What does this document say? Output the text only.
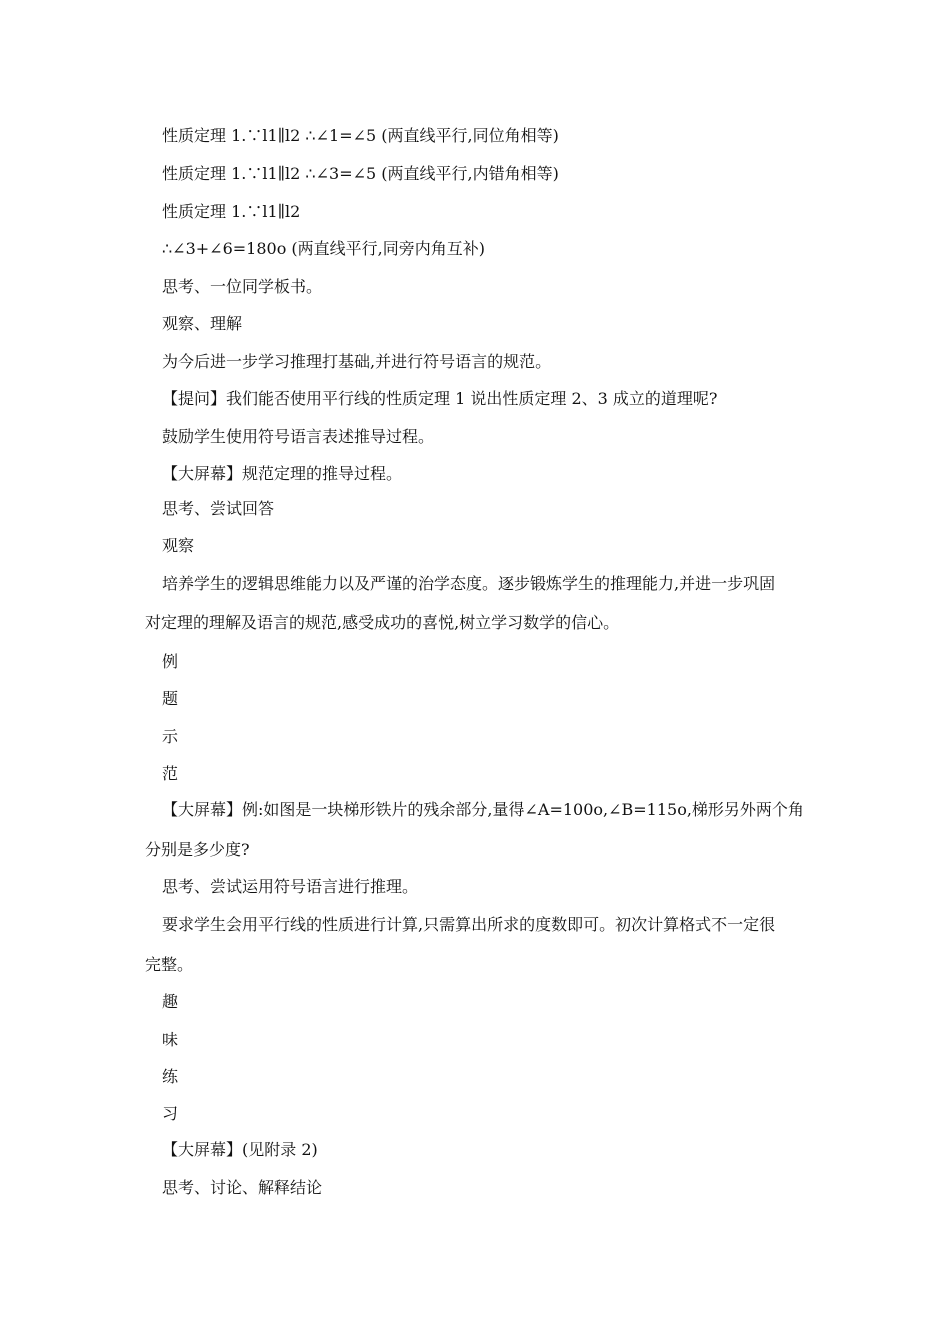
性质定理 1.∵l1∥l2 ∴∠1=∠5 (两直线平行,同位角相等)
性质定理 1.∵l1∥l2 ∴∠3=∠5 (两直线平行,内错角相等)
性质定理 1.∵l1∥l2
∴∠3+∠6=180o (两直线平行,同旁内角互补)
思考、一位同学板书。
观察、理解
为今后进一步学习推理打基础,并进行符号语言的规范。
【提问】我们能否使用平行线的性质定理 1 说出性质定理 2、3 成立的道理呢?
鼓励学生使用符号语言表述推导过程。
【大屏幕】规范定理的推导过程。
思考、尝试回答
观察
培养学生的逻辑思维能力以及严谨的治学态度。逐步锻炼学生的推理能力,并进一步巩固
对定理的理解及语言的规范,感受成功的喜悦,树立学习数学的信心。
例
题
示
范
【大屏幕】例:如图是一块梯形铁片的残余部分,量得∠A=100o,∠B=115o,梯形另外两个角
分别是多少度?
思考、尝试运用符号语言进行推理。
要求学生会用平行线的性质进行计算,只需算出所求的度数即可。初次计算格式不一定很
完整。
趣
味
练
习
【大屏幕】(见附录 2)
思考、讨论、解释结论
